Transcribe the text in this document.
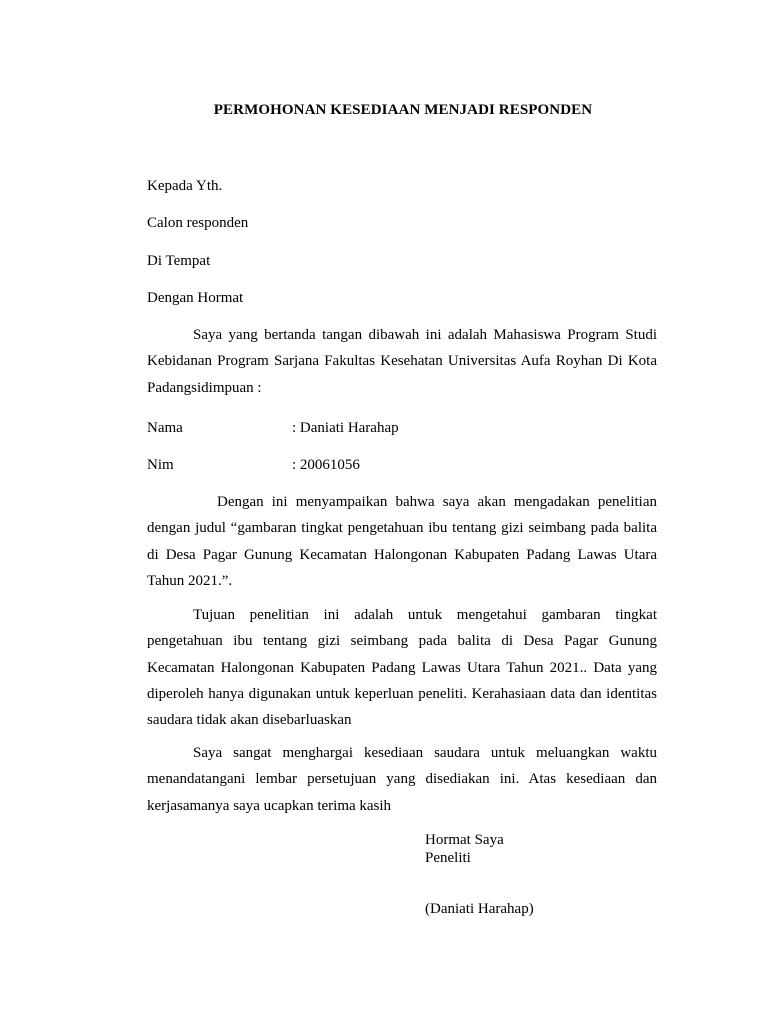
PERMOHONAN KESEDIAAN MENJADI RESPONDEN
Kepada Yth.
Calon responden
Di Tempat
Dengan Hormat
Saya yang bertanda tangan dibawah ini adalah Mahasiswa Program Studi Kebidanan Program Sarjana Fakultas Kesehatan Universitas Aufa Royhan Di Kota Padangsidimpuan :
Nama	: Daniati Harahap
Nim	: 20061056
Dengan ini menyampaikan bahwa saya akan mengadakan penelitian dengan judul “gambaran tingkat pengetahuan ibu tentang gizi seimbang pada balita di Desa Pagar Gunung Kecamatan Halongonan Kabupaten Padang Lawas Utara Tahun 2021.”.
Tujuan penelitian ini adalah untuk mengetahui gambaran tingkat pengetahuan ibu tentang gizi seimbang pada balita di Desa Pagar Gunung Kecamatan Halongonan Kabupaten Padang Lawas Utara Tahun 2021.. Data yang diperoleh hanya digunakan untuk keperluan peneliti. Kerahasiaan data dan identitas saudara tidak akan disebarluaskan
Saya sangat menghargai kesediaan saudara untuk meluangkan waktu menandatangani lembar persetujuan yang disediakan ini. Atas kesediaan dan kerjasamanya saya ucapkan terima kasih
Hormat Saya
Peneliti
(Daniati Harahap)
